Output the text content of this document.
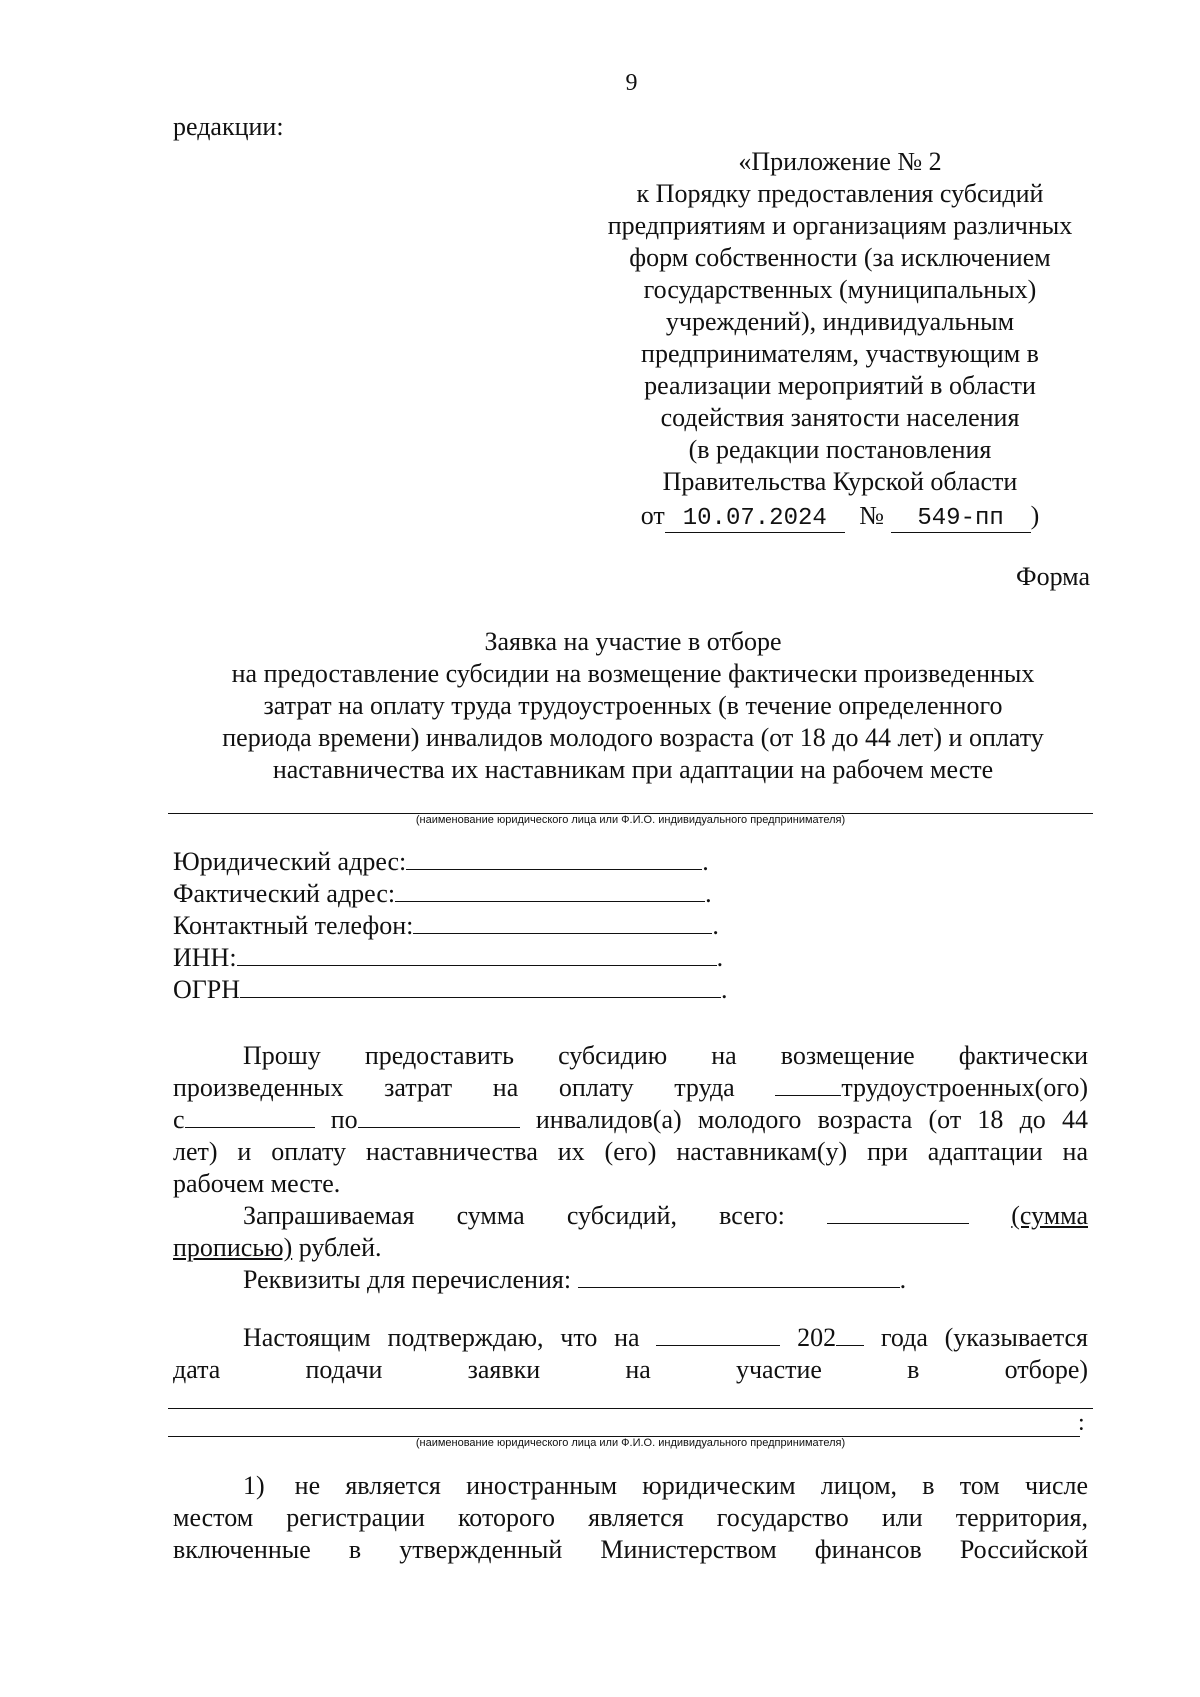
9
редакции:
«Приложение № 2
к Порядку предоставления субсидий
предприятиям и организациям различных
форм собственности (за исключением
государственных (муниципальных)
учреждений), индивидуальным
предпринимателям, участвующим в
реализации мероприятий в области
содействия занятости населения
(в редакции постановления
Правительства Курской области
от 10.07.2024 № 549-пп )
Форма
Заявка на участие в отборе
на предоставление субсидии на возмещение фактически произведенных
затрат на оплату труда трудоустроенных (в течение определенного
периода времени) инвалидов молодого возраста (от 18 до 44 лет) и оплату
наставничества их наставникам при адаптации на рабочем месте
(наименование юридического лица или Ф.И.О. индивидуального предпринимателя)
Юридический адрес:	.
Фактический адрес:	.
Контактный телефон:	.
ИНН:	.
ОГРН	.
Прошу предоставить субсидию на возмещение фактически
произведенных затрат на оплату труда	трудоустроенных(ого)
с	по	инвалидов(а) молодого возраста (от 18 до 44
лет) и оплату наставничества их (его) наставникам(у) при адаптации на
рабочем месте.
Запрашиваемая сумма субсидий, всего:	(сумма
прописью) рублей.
Реквизиты для перечисления:	.
Настоящим подтверждаю, что на	202 года (указывается
дата	подачи	заявки	на	участие	в	отборе)
:
(наименование юридического лица или Ф.И.О. индивидуального предпринимателя)
1) не является иностранным юридическим лицом, в том числе
местом регистрации которого является государство или территория,
включенные в утвержденный Министерством финансов Российской
